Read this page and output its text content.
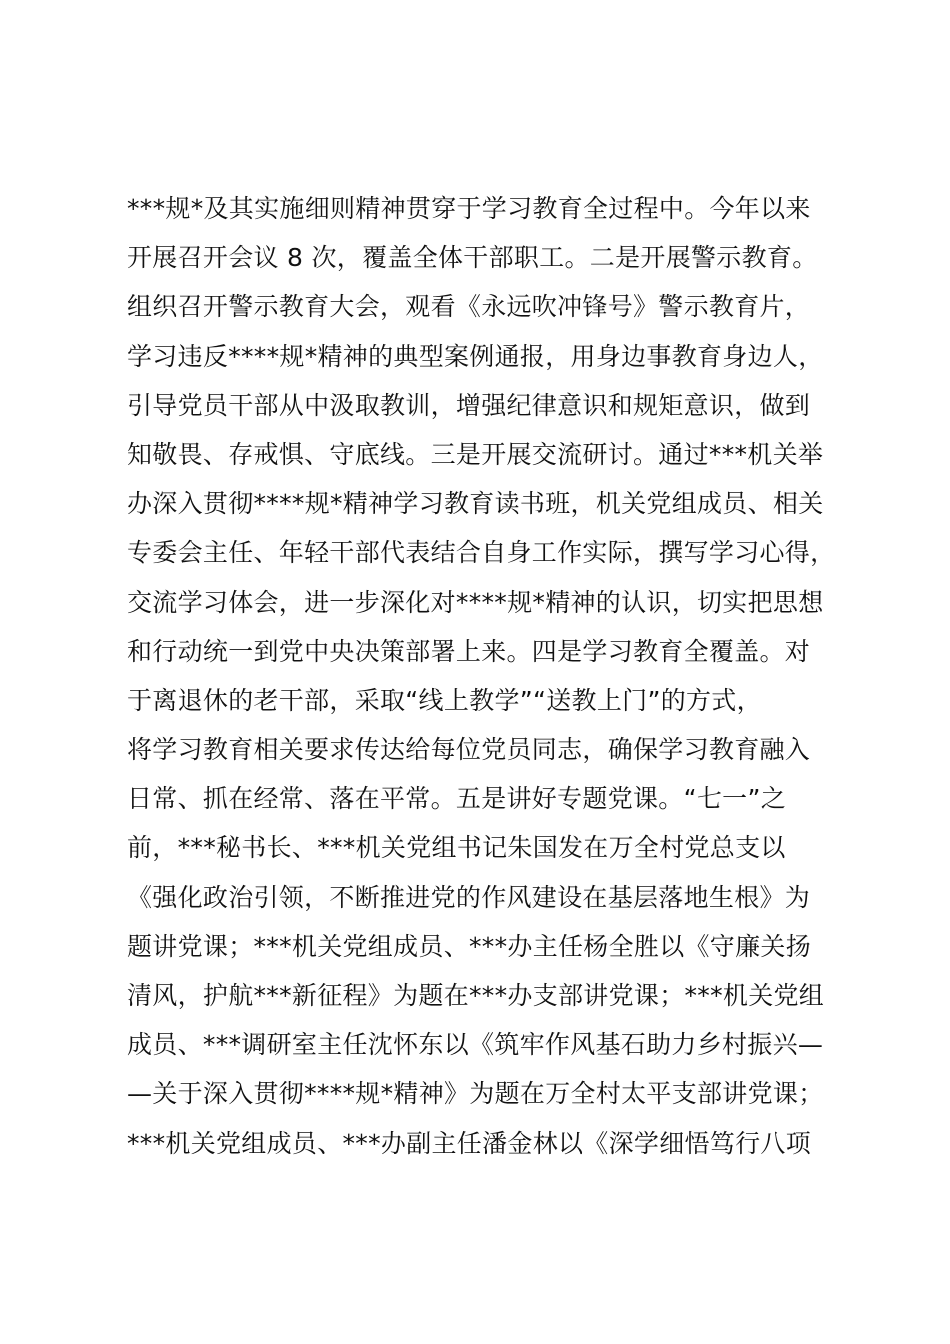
***规*及其实施细则精神贯穿于学习教育全过程中。今年以来
开展召开会议 8 次，覆盖全体干部职工。二是开展警示教育。
组织召开警示教育大会，观看《永远吹冲锋号》警示教育片，
学习违反****规*精神的典型案例通报，用身边事教育身边人，
引导党员干部从中汲取教训，增强纪律意识和规矩意识，做到
知敬畏、存戒惧、守底线。三是开展交流研讨。通过***机关举
办深入贯彻****规*精神学习教育读书班，机关党组成员、相关
专委会主任、年轻干部代表结合自身工作实际，撰写学习心得，
交流学习体会，进一步深化对****规*精神的认识，切实把思想
和行动统一到党中央决策部署上来。四是学习教育全覆盖。对
于离退休的老干部，采取“线上教学”“送教上门”的方式，
将学习教育相关要求传达给每位党员同志，确保学习教育融入
日常、抓在经常、落在平常。五是讲好专题党课。“七一”之
前，***秘书长、***机关党组书记朱国发在万全村党总支以
《强化政治引领，不断推进党的作风建设在基层落地生根》为
题讲党课；***机关党组成员、***办主任杨全胜以《守廉关扬
清风，护航***新征程》为题在***办支部讲党课；***机关党组
成员、***调研室主任沈怀东以《筑牢作风基石助力乡村振兴—
—关于深入贯彻****规*精神》为题在万全村太平支部讲党课；
***机关党组成员、***办副主任潘金林以《深学细悟笃行八项
